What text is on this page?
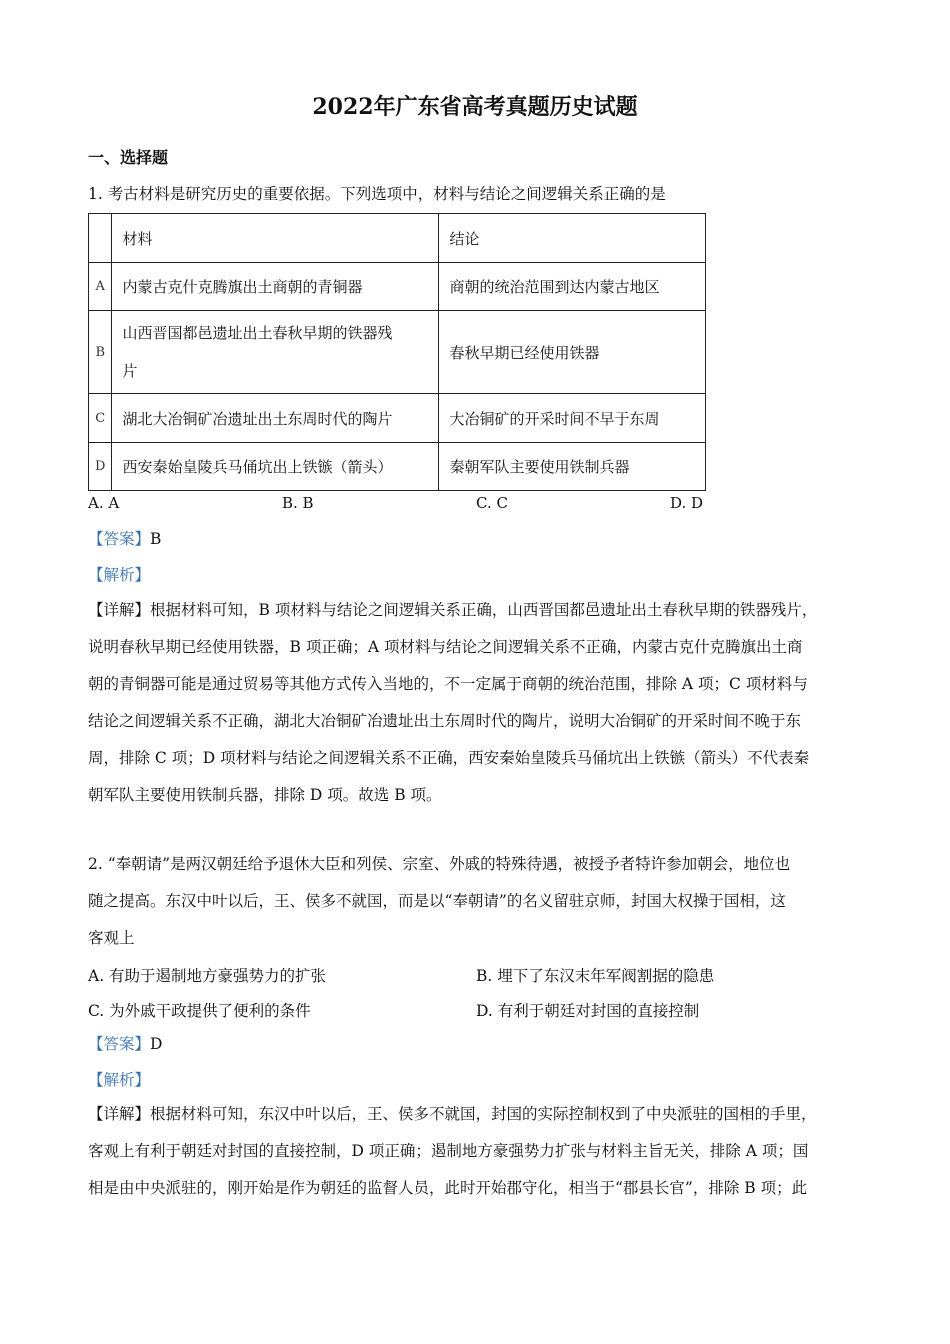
2022年广东省高考真题历史试题
一、选择题
1. 考古材料是研究历史的重要依据。下列选项中，材料与结论之间逻辑关系正确的是
	材料	结论
A	内蒙古克什克腾旗出土商朝的青铜器	商朝的统治范围到达内蒙古地区
B	山西晋国都邑遗址出土春秋早期的铁器残
片	春秋早期已经使用铁器
C	湖北大冶铜矿冶遗址出土东周时代的陶片	大冶铜矿的开采时间不早于东周
D	西安秦始皇陵兵马俑坑出上铁镞（箭头）	秦朝军队主要使用铁制兵器
A. A	B. B	C. C	D. D
【答案】B
【解析】
【详解】根据材料可知，B 项材料与结论之间逻辑关系正确，山西晋国都邑遗址出土春秋早期的铁器残片，
说明春秋早期已经使用铁器，B 项正确；A 项材料与结论之间逻辑关系不正确，内蒙古克什克腾旗出土商
朝的青铜器可能是通过贸易等其他方式传入当地的，不一定属于商朝的统治范围，排除 A 项；C 项材料与
结论之间逻辑关系不正确，湖北大冶铜矿冶遗址出土东周时代的陶片，说明大冶铜矿的开采时间不晚于东
周，排除 C 项；D 项材料与结论之间逻辑关系不正确，西安秦始皇陵兵马俑坑出上铁镞（箭头）不代表秦
朝军队主要使用铁制兵器，排除 D 项。故选 B 项。
2. “奉朝请”是两汉朝廷给予退休大臣和列侯、宗室、外戚的特殊待遇，被授予者特许参加朝会，地位也
随之提高。东汉中叶以后，王、侯多不就国，而是以“奉朝请”的名义留驻京师，封国大权操于国相，这
客观上
A. 有助于遏制地方豪强势力的扩张	B. 埋下了东汉末年军阀割据的隐患
C. 为外戚干政提供了便利的条件	D. 有利于朝廷对封国的直接控制
【答案】D
【解析】
【详解】根据材料可知，东汉中叶以后，王、侯多不就国，封国的实际控制权到了中央派驻的国相的手里，
客观上有利于朝廷对封国的直接控制，D 项正确；遏制地方豪强势力扩张与材料主旨无关，排除 A 项；国
相是由中央派驻的，刚开始是作为朝廷的监督人员，此时开始郡守化，相当于“郡县长官”，排除 B 项；此
